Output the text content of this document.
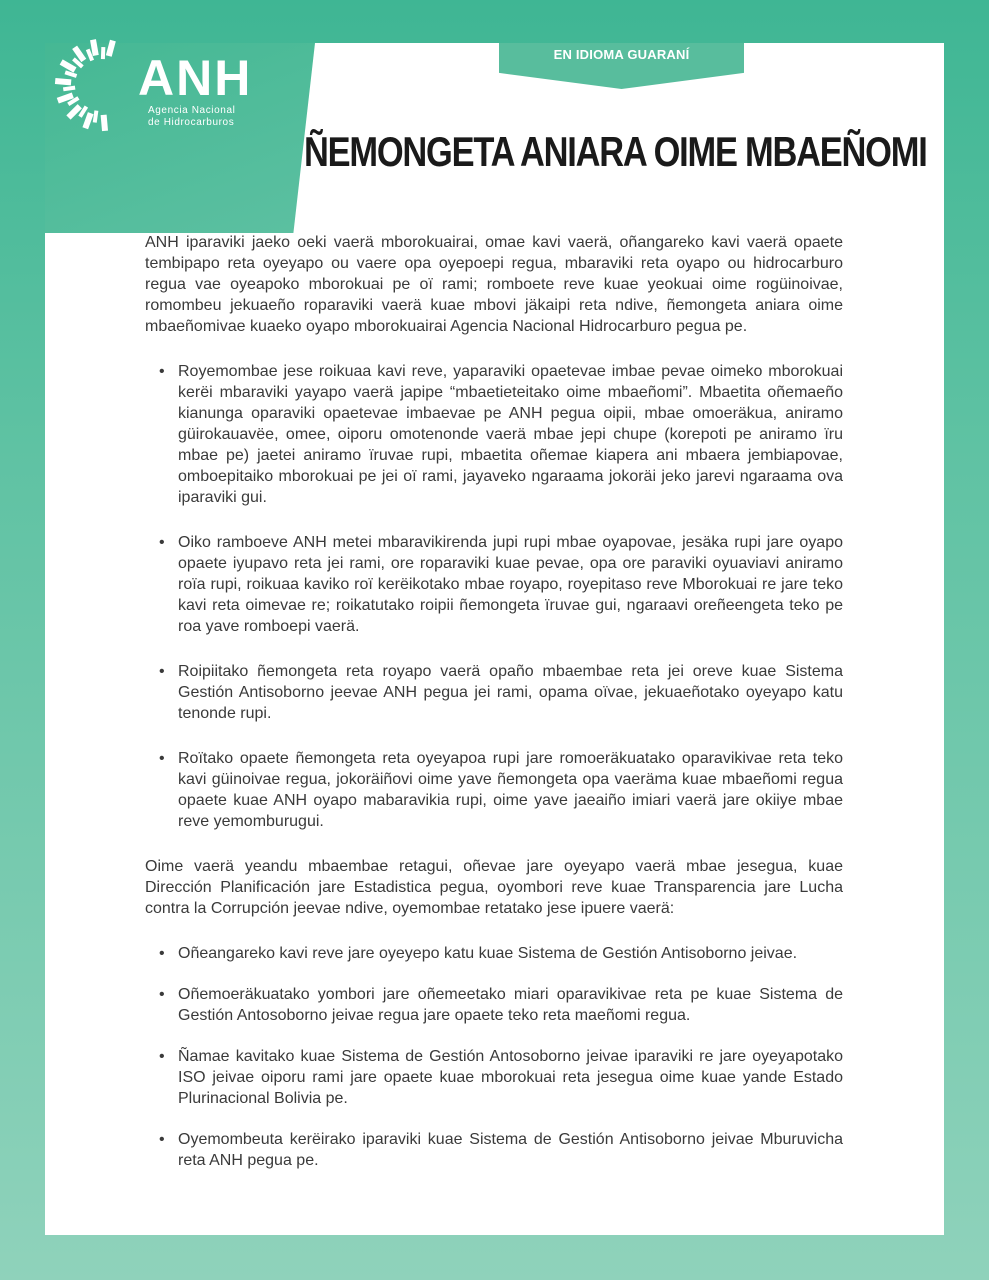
EN IDIOMA GUARANÍ
ANH
Agencia Nacional
de Hidrocarburos
ÑEMONGETA ANIARA OIME MBAEÑOMI

ANH iparaviki jaeko oeki vaerä mborokuairai, omae kavi vaerä, oñangareko kavi vaerä opaete tembipapo reta oyeyapo ou vaere opa oyepoepi regua, mbaraviki reta oyapo ou hidrocarburo regua vae oyeapoko mborokuai pe oï rami; romboete reve kuae yeokuai oime rogüinoivae, romombeu jekuaeño roparaviki vaerä kuae mbovi jäkaipi reta ndive, ñemongeta aniara oime mbaeñomivae kuaeko oyapo mborokuairai Agencia Nacional Hidrocarburo pegua pe.

• Royemombae jese roikuaa kavi reve, yaparaviki opaetevae imbae pevae oimeko mborokuai kerëi mbaraviki yayapo vaerä japipe “mbaetieteitako oime mbaeñomi”. Mbaetita oñemaeño kianunga oparaviki opaetevae imbaevae pe ANH pegua oipii, mbae omoeräkua, aniramo güirokauavëe, omee, oiporu omotenonde vaerä mbae jepi chupe (korepoti pe aniramo ïru mbae pe) jaetei aniramo ïruvae rupi, mbaetita oñemae kiapera ani mbaera jembiapovae, omboepitaiko mborokuai pe jei oï rami, jayaveko ngaraama jokoräi jeko jarevi ngaraama ova iparaviki gui.
• Oiko ramboeve ANH metei mbaravikirenda jupi rupi mbae oyapovae, jesäka rupi jare oyapo opaete iyupavo reta jei rami, ore roparaviki kuae pevae, opa ore paraviki oyuaviavi aniramo roïa rupi, roikuaa kaviko roï kerëikotako mbae royapo, royepitaso reve Mborokuai re jare teko kavi reta oimevae re; roikatutako roipii ñemongeta ïruvae gui, ngaraavi oreñeengeta teko pe roa yave romboepi vaerä.
• Roipiitako ñemongeta reta royapo vaerä opaño mbaembae reta jei oreve kuae Sistema Gestión Antisoborno jeevae ANH pegua jei rami, opama oïvae, jekuaeñotako oyeyapo katu tenonde rupi.
• Roïtako opaete ñemongeta reta oyeyapoa rupi jare romoeräkuatako oparavikivae reta teko kavi güinoivae regua, jokoräiñovi oime yave ñemongeta opa vaeräma kuae mbaeñomi regua opaete kuae ANH oyapo mabaravikia rupi, oime yave jaeaiño imiari vaerä jare okiiye mbae reve yemomburugui.

Oime vaerä yeandu mbaembae retagui, oñevae jare oyeyapo vaerä mbae jesegua, kuae Dirección Planificación jare Estadistica pegua, oyombori reve kuae Transparencia jare Lucha contra la Corrupción jeevae ndive, oyemombae retatako jese ipuere vaerä:

• Oñeangareko kavi reve jare oyeyepo katu kuae Sistema de Gestión Antisoborno jeivae.
• Oñemoeräkuatako yombori jare oñemeetako miari oparavikivae reta pe kuae Sistema de Gestión Antosoborno jeivae regua jare opaete teko reta maeñomi regua.
• Ñamae kavitako kuae Sistema de Gestión Antosoborno jeivae iparaviki re jare oyeyapotako ISO jeivae oiporu rami jare opaete kuae mborokuai reta jesegua oime kuae yande Estado Plurinacional Bolivia pe.
• Oyemombeuta kerëirako iparaviki kuae Sistema de Gestión Antisoborno jeivae Mburuvicha reta ANH pegua pe.
